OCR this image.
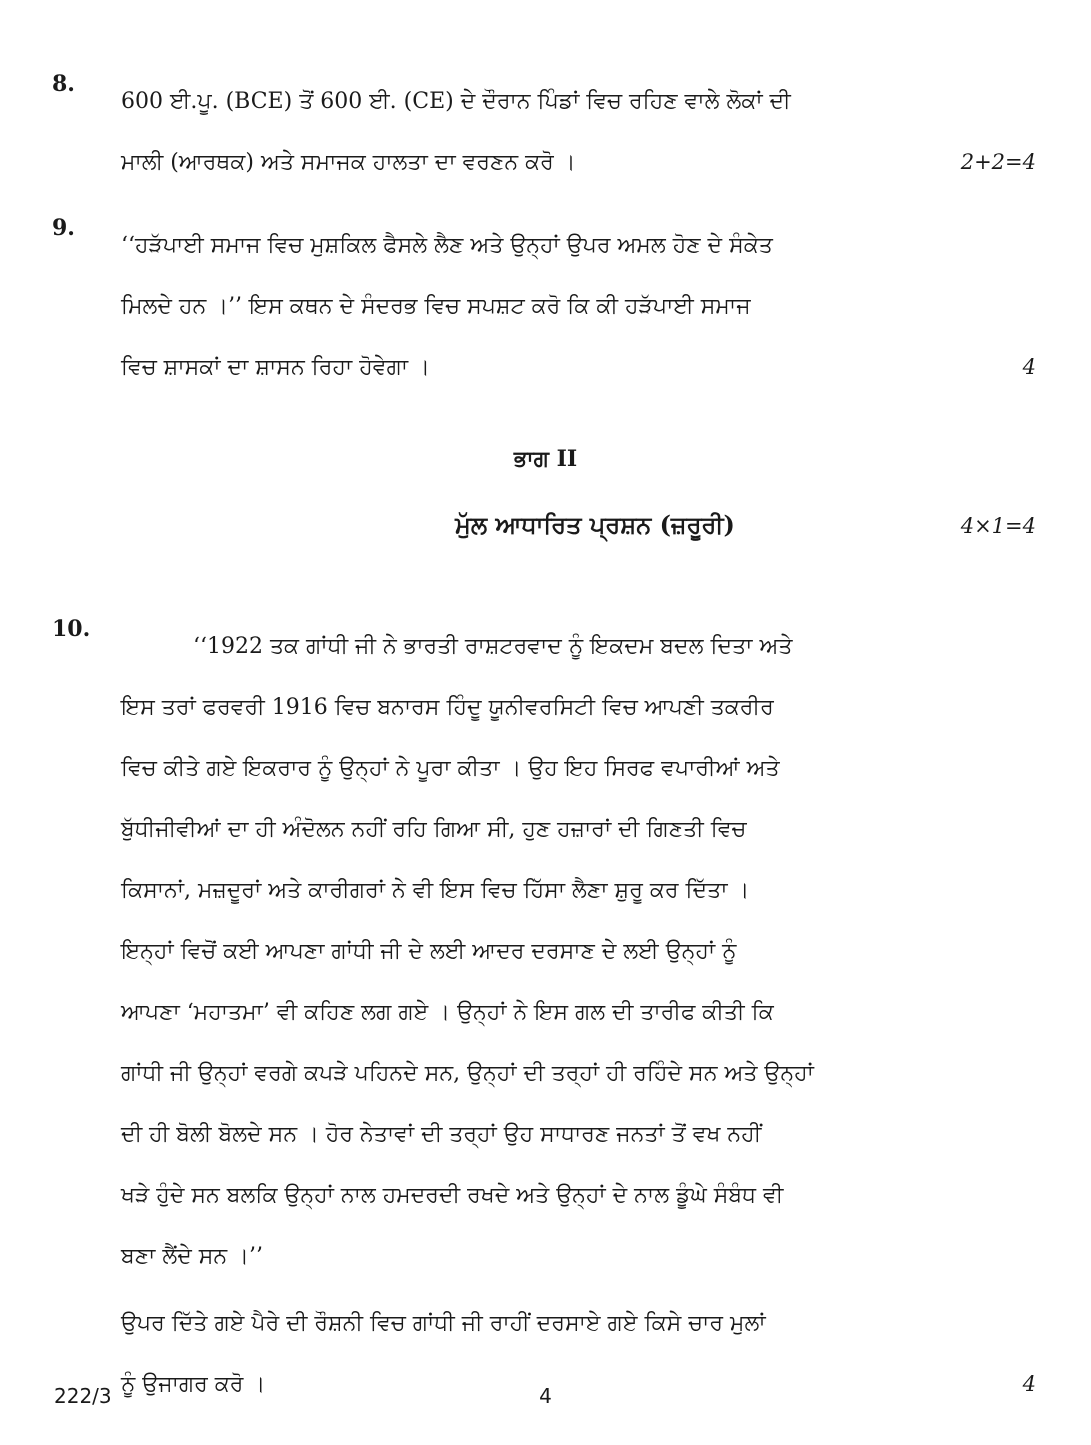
8.
600 ਈ.ਪੂ. (BCE) ਤੋਂ 600 ਈ. (CE) ਦੇ ਦੌਰਾਨ ਪਿੰਡਾਂ ਵਿਚ ਰਹਿਣ ਵਾਲੇ ਲੋਕਾਂ ਦੀ
ਮਾਲੀ (ਆਰਥਕ) ਅਤੇ ਸਮਾਜਕ ਹਾਲਤਾ ਦਾ ਵਰਣਨ ਕਰੋ ।	2+2=4
9.
‘‘ਹੜੱਪਾਈ ਸਮਾਜ ਵਿਚ ਮੁਸ਼ਕਿਲ ਫੈਸਲੇ ਲੈਣ ਅਤੇ ਉਨ੍ਹਾਂ ਉਪਰ ਅਮਲ ਹੋਣ ਦੇ ਸੰਕੇਤ
ਮਿਲਦੇ ਹਨ ।’’ ਇਸ ਕਥਨ ਦੇ ਸੰਦਰਭ ਵਿਚ ਸਪਸ਼ਟ ਕਰੋ ਕਿ ਕੀ ਹੜੱਪਾਈ ਸਮਾਜ
ਵਿਚ ਸ਼ਾਸਕਾਂ ਦਾ ਸ਼ਾਸਨ ਰਿਹਾ ਹੋਵੇਗਾ ।	4
ਭਾਗ II
ਮੁੱਲ ਆਧਾਰਿਤ ਪ੍ਰਸ਼ਨ (ਜ਼ਰੂਰੀ)	4×1=4
10.

‘‘1922 ਤਕ ਗਾਂਧੀ ਜੀ ਨੇ ਭਾਰਤੀ ਰਾਸ਼ਟਰਵਾਦ ਨੂੰ ਇਕਦਮ ਬਦਲ ਦਿਤਾ ਅਤੇ
ਇਸ ਤਰਾਂ ਫਰਵਰੀ 1916 ਵਿਚ ਬਨਾਰਸ ਹਿੰਦੂ ਯੂਨੀਵਰਸਿਟੀ ਵਿਚ ਆਪਣੀ ਤਕਰੀਰ
ਵਿਚ ਕੀਤੇ ਗਏ ਇਕਰਾਰ ਨੂੰ ਉਨ੍ਹਾਂ ਨੇ ਪੂਰਾ ਕੀਤਾ । ਉਹ ਇਹ ਸਿਰਫ ਵਪਾਰੀਆਂ ਅਤੇ
ਬੁੱਧੀਜੀਵੀਆਂ ਦਾ ਹੀ ਅੰਦੋਲਨ ਨਹੀਂ ਰਹਿ ਗਿਆ ਸੀ, ਹੁਣ ਹਜ਼ਾਰਾਂ ਦੀ ਗਿਣਤੀ ਵਿਚ
ਕਿਸਾਨਾਂ, ਮਜ਼ਦੂਰਾਂ ਅਤੇ ਕਾਰੀਗਰਾਂ ਨੇ ਵੀ ਇਸ ਵਿਚ ਹਿੱਸਾ ਲੈਣਾ ਸ਼ੁਰੂ ਕਰ ਦਿੱਤਾ ।
ਇਨ੍ਹਾਂ ਵਿਚੋਂ ਕਈ ਆਪਣਾ ਗਾਂਧੀ ਜੀ ਦੇ ਲਈ ਆਦਰ ਦਰਸਾਣ ਦੇ ਲਈ ਉਨ੍ਹਾਂ ਨੂੰ
ਆਪਣਾ ‘ਮਹਾਤਮਾ’ ਵੀ ਕਹਿਣ ਲਗ ਗਏ । ਉਨ੍ਹਾਂ ਨੇ ਇਸ ਗਲ ਦੀ ਤਾਰੀਫ ਕੀਤੀ ਕਿ
ਗਾਂਧੀ ਜੀ ਉਨ੍ਹਾਂ ਵਰਗੇ ਕਪੜੇ ਪਹਿਨਦੇ ਸਨ, ਉਨ੍ਹਾਂ ਦੀ ਤਰ੍ਹਾਂ ਹੀ ਰਹਿੰਦੇ ਸਨ ਅਤੇ ਉਨ੍ਹਾਂ
ਦੀ ਹੀ ਬੋਲੀ ਬੋਲਦੇ ਸਨ । ਹੋਰ ਨੇਤਾਵਾਂ ਦੀ ਤਰ੍ਹਾਂ ਉਹ ਸਾਧਾਰਣ ਜਨਤਾਂ ਤੋਂ ਵਖ ਨਹੀਂ
ਖੜੇ ਹੁੰਦੇ ਸਨ ਬਲਕਿ ਉਨ੍ਹਾਂ ਨਾਲ ਹਮਦਰਦੀ ਰਖਦੇ ਅਤੇ ਉਨ੍ਹਾਂ ਦੇ ਨਾਲ ਡੂੰਘੇ ਸੰਬੰਧ ਵੀ
ਬਣਾ ਲੈਂਦੇ ਸਨ ।’’

ਉਪਰ ਦਿੱਤੇ ਗਏ ਪੈਰੇ ਦੀ ਰੌਸ਼ਨੀ ਵਿਚ ਗਾਂਧੀ ਜੀ ਰਾਹੀਂ ਦਰਸਾਏ ਗਏ ਕਿਸੇ ਚਾਰ ਮੁਲਾਂ
ਨੂੰ ਉਜਾਗਰ ਕਰੋ ।	4

222/3	4
